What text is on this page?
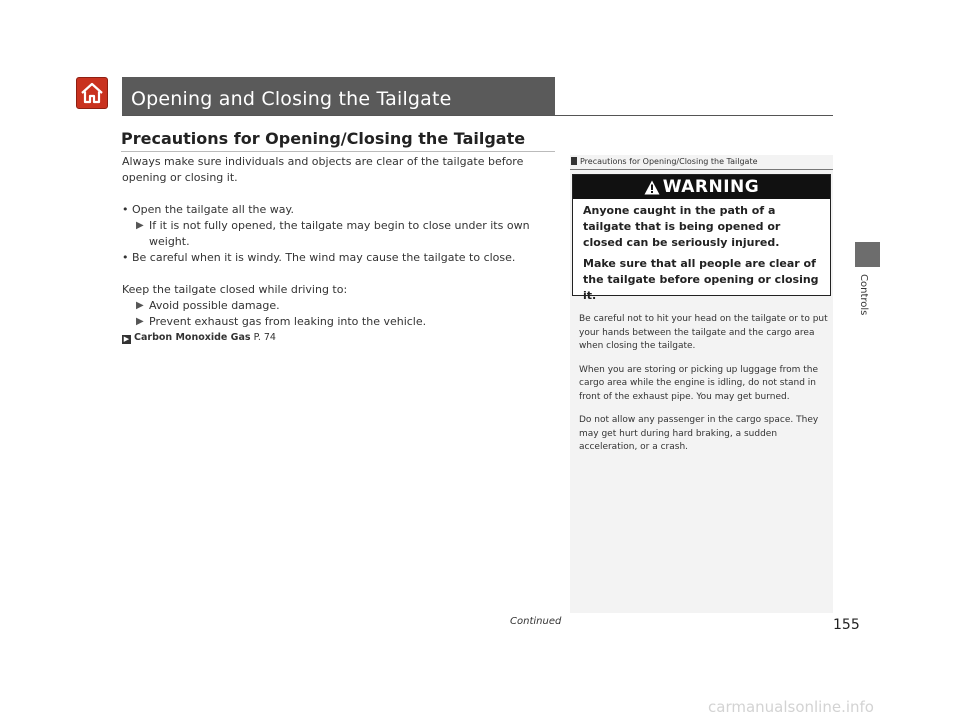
Opening and Closing the Tailgate
Precautions for Opening/Closing the Tailgate

Always make sure individuals and objects are clear of the tailgate before opening or closing it.

• Open the tailgate all the way.

▶ If it is not fully opened, the tailgate may begin to close under its own weight.

• Be careful when it is windy. The wind may cause the tailgate to close.

Keep the tailgate closed while driving to:

▶ Avoid possible damage.

▶ Prevent exhaust gas from leaking into the vehicle.

▶ Carbon Monoxide Gas P. 74

Precautions for Opening/Closing the Tailgate
WARNING

Anyone caught in the path of a tailgate that is being opened or closed can be seriously injured.

Make sure that all people are clear of the tailgate before opening or closing it.

Be careful not to hit your head on the tailgate or to put your hands between the tailgate and the cargo area when closing the tailgate.

When you are storing or picking up luggage from the cargo area while the engine is idling, do not stand in front of the exhaust pipe. You may get burned.

Do not allow any passenger in the cargo space. They may get hurt during hard braking, a sudden acceleration, or a crash.

Controls
Continued	155
carmanualsonline.info
